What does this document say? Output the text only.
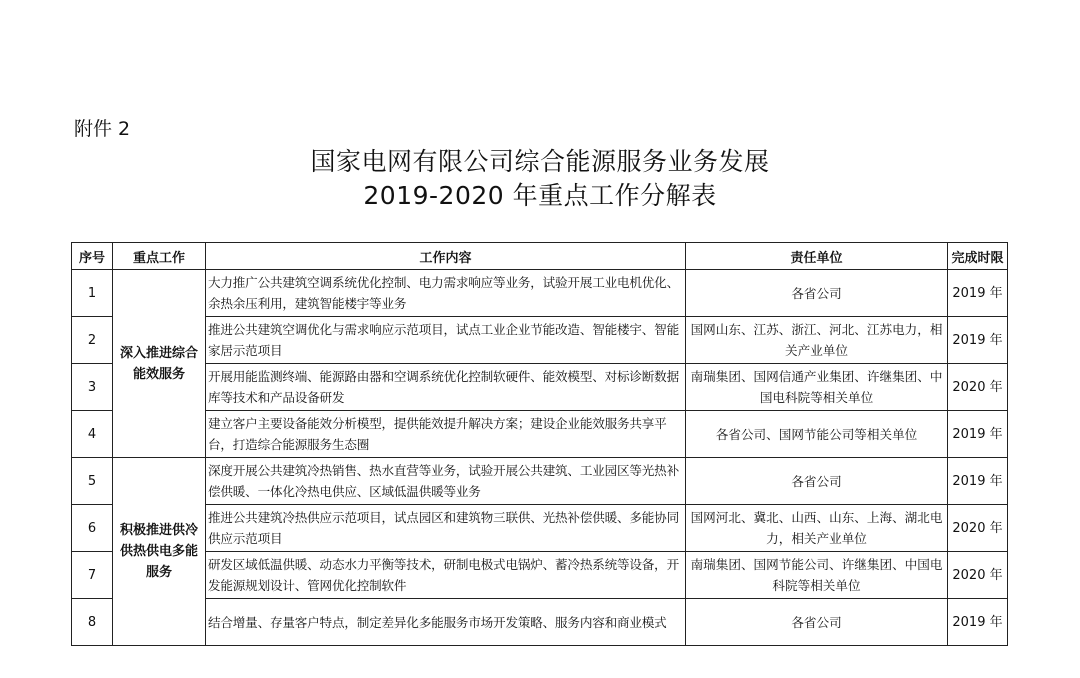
附件 2
国家电网有限公司综合能源服务业务发展
2019-2020 年重点工作分解表
序号	重点工作	工作内容	责任单位	完成时限
1	深入推进综合能效服务	大力推广公共建筑空调系统优化控制、电力需求响应等业务，试验开展工业电机优化、余热余压利用，建筑智能楼宇等业务	各省公司	2019 年
2		推进公共建筑空调优化与需求响应示范项目，试点工业企业节能改造、智能楼宇、智能家居示范项目	国网山东、江苏、浙江、河北、江苏电力，相关产业单位	2019 年
3		开展用能监测终端、能源路由器和空调系统优化控制软硬件、能效模型、对标诊断数据库等技术和产品设备研发	南瑞集团、国网信通产业集团、许继集团、中国电科院等相关单位	2020 年
4		建立客户主要设备能效分析模型，提供能效提升解决方案；建设企业能效服务共享平台，打造综合能源服务生态圈	各省公司、国网节能公司等相关单位	2019 年
5	积极推进供冷供热供电多能服务	深度开展公共建筑冷热销售、热水直营等业务，试验开展公共建筑、工业园区等光热补偿供暖、一体化冷热电供应、区域低温供暖等业务	各省公司	2019 年
6		推进公共建筑冷热供应示范项目，试点园区和建筑物三联供、光热补偿供暖、多能协同供应示范项目	国网河北、冀北、山西、山东、上海、湖北电力，相关产业单位	2020 年
7		研发区域低温供暖、动态水力平衡等技术，研制电极式电锅炉、蓄冷热系统等设备，开发能源规划设计、管网优化控制软件	南瑞集团、国网节能公司、许继集团、中国电科院等相关单位	2020 年
8		结合增量、存量客户特点，制定差异化多能服务市场开发策略、服务内容和商业模式	各省公司	2019 年
